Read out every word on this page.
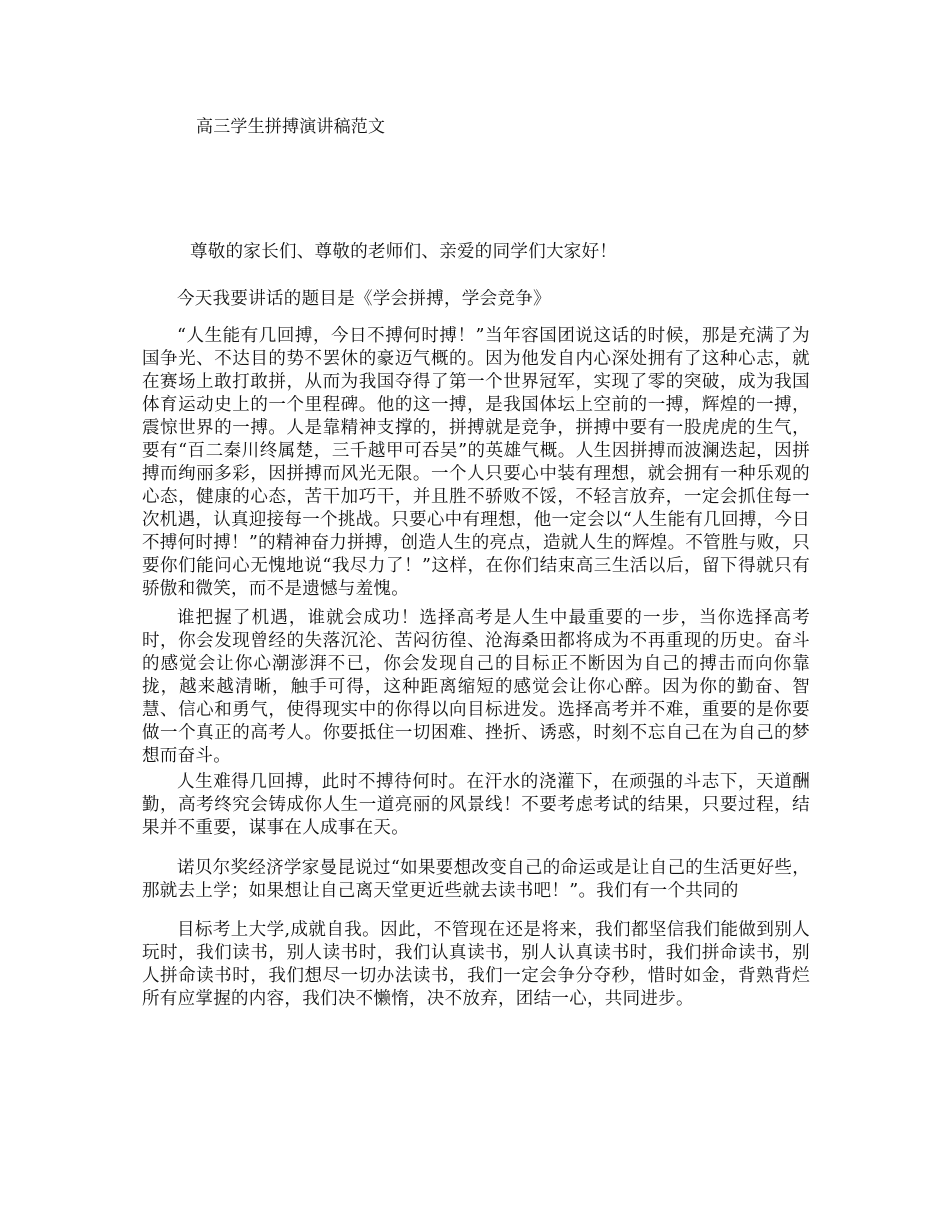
高三学生拼搏演讲稿范文

尊敬的家长们、尊敬的老师们、亲爱的同学们大家好！

今天我要讲话的题目是《学会拼搏，学会竞争》

“人生能有几回搏，今日不搏何时搏！”当年容国团说这话的时候，那是充满了为国争光、不达目的势不罢休的豪迈气概的。因为他发自内心深处拥有了这种心志，就在赛场上敢打敢拼，从而为我国夺得了第一个世界冠军，实现了零的突破，成为我国体育运动史上的一个里程碑。他的这一搏，是我国体坛上空前的一搏，辉煌的一搏，震惊世界的一搏。人是靠精神支撑的，拼搏就是竞争，拼搏中要有一股虎虎的生气，要有“百二秦川终属楚，三千越甲可吞吴”的英雄气概。人生因拼搏而波澜迭起，因拼搏而绚丽多彩，因拼搏而风光无限。一个人只要心中装有理想，就会拥有一种乐观的心态，健康的心态，苦干加巧干，并且胜不骄败不馁，不轻言放弃，一定会抓住每一次机遇，认真迎接每一个挑战。只要心中有理想，他一定会以“人生能有几回搏，今日不搏何时搏！”的精神奋力拼搏，创造人生的亮点，造就人生的辉煌。不管胜与败，只要你们能问心无愧地说“我尽力了！”这样，在你们结束高三生活以后，留下得就只有骄傲和微笑，而不是遗憾与羞愧。

谁把握了机遇，谁就会成功！选择高考是人生中最重要的一步，当你选择高考时，你会发现曾经的失落沉沦、苦闷彷徨、沧海桑田都将成为不再重现的历史。奋斗的感觉会让你心潮澎湃不已，你会发现自己的目标正不断因为自己的搏击而向你靠拢，越来越清晰，触手可得，这种距离缩短的感觉会让你心醉。因为你的勤奋、智慧、信心和勇气，使得现实中的你得以向目标进发。选择高考并不难，重要的是你要做一个真正的高考人。你要抵住一切困难、挫折、诱惑，时刻不忘自己在为自己的梦想而奋斗。

人生难得几回搏，此时不搏待何时。在汗水的浇灌下，在顽强的斗志下，天道酬勤，高考终究会铸成你人生一道亮丽的风景线！不要考虑考试的结果，只要过程，结果并不重要，谋事在人成事在天。

诺贝尔奖经济学家曼昆说过“如果要想改变自己的命运或是让自己的生活更好些，那就去上学；如果想让自己离天堂更近些就去读书吧！”。我们有一个共同的

目标考上大学,成就自我。因此，不管现在还是将来，我们都坚信我们能做到别人玩时，我们读书，别人读书时，我们认真读书，别人认真读书时，我们拼命读书，别人拼命读书时，我们想尽一切办法读书，我们一定会争分夺秒，惜时如金，背熟背烂所有应掌握的内容，我们决不懒惰，决不放弃，团结一心，共同进步。
